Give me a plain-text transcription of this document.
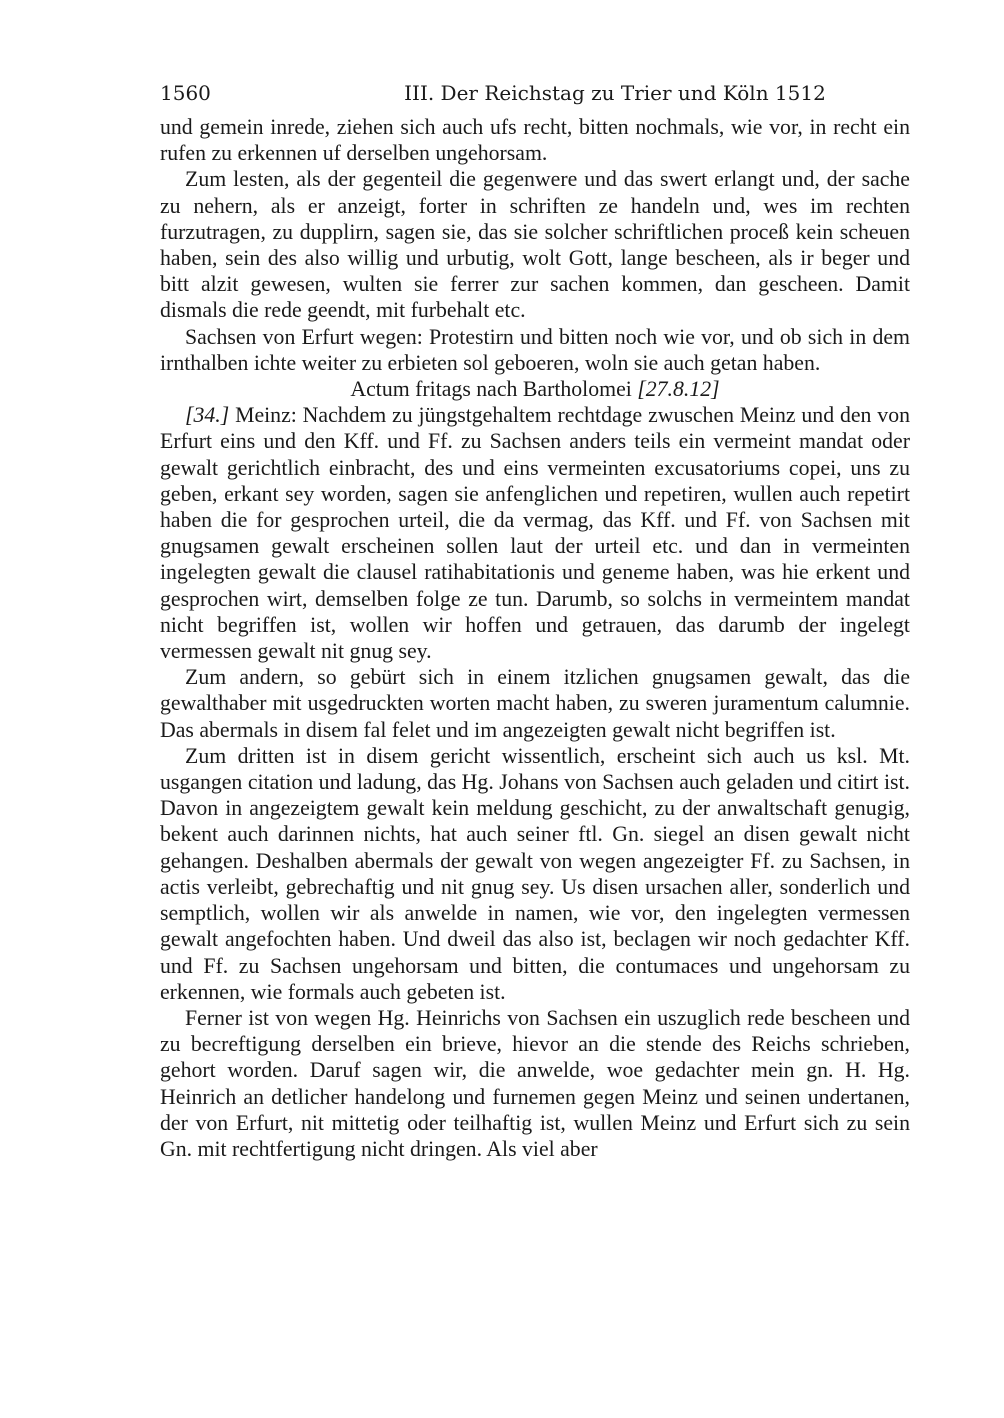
1560	III. Der Reichstag zu Trier und Köln 1512

und gemein inrede, ziehen sich auch ufs recht, bitten nochmals, wie vor, in recht ein rufen zu erkennen uf derselben ungehorsam.

Zum lesten, als der gegenteil die gegenwere und das swert erlangt und, der sache zu nehern, als er anzeigt, forter in schriften ze handeln und, wes im rechten furzutragen, zu dupplirn, sagen sie, das sie solcher schriftlichen proceß kein scheuen haben, sein des also willig und urbutig, wolt Gott, lange bescheen, als ir beger und bitt alzit gewesen, wulten sie ferrer zur sachen kommen, dan gescheen. Damit dismals die rede geendt, mit furbehalt etc.

Sachsen von Erfurt wegen: Protestirn und bitten noch wie vor, und ob sich in dem irnthalben ichte weiter zu erbieten sol geboeren, woln sie auch getan haben.

Actum fritags nach Bartholomei [27.8.12]

[34.] Meinz: Nachdem zu jüngstgehaltem rechtdage zwuschen Meinz und den von Erfurt eins und den Kff. und Ff. zu Sachsen anders teils ein vermeint mandat oder gewalt gerichtlich einbracht, des und eins vermeinten excusatoriums copei, uns zu geben, erkant sey worden, sagen sie anfenglichen und repetiren, wullen auch repetirt haben die for gesprochen urteil, die da vermag, das Kff. und Ff. von Sachsen mit gnugsamen gewalt erscheinen sollen laut der urteil etc. und dan in vermeinten ingelegten gewalt die clausel ratihabitationis und geneme haben, was hie erkent und gesprochen wirt, demselben folge ze tun. Darumb, so solchs in vermeintem mandat nicht begriffen ist, wollen wir hoffen und getrauen, das darumb der ingelegt vermessen gewalt nit gnug sey.

Zum andern, so gebürt sich in einem itzlichen gnugsamen gewalt, das die gewalthaber mit usgedruckten worten macht haben, zu sweren juramentum calumnie. Das abermals in disem fal felet und im angezeigten gewalt nicht begriffen ist.

Zum dritten ist in disem gericht wissentlich, erscheint sich auch us ksl. Mt. usgangen citation und ladung, das Hg. Johans von Sachsen auch geladen und citirt ist. Davon in angezeigtem gewalt kein meldung geschicht, zu der anwaltschaft genugig, bekent auch darinnen nichts, hat auch seiner ftl. Gn. siegel an disen gewalt nicht gehangen. Deshalben abermals der gewalt von wegen angezeigter Ff. zu Sachsen, in actis verleibt, gebrechaftig und nit gnug sey. Us disen ursachen aller, sonderlich und semptlich, wollen wir als anwelde in namen, wie vor, den ingelegten vermessen gewalt angefochten haben. Und dweil das also ist, beclagen wir noch gedachter Kff. und Ff. zu Sachsen ungehorsam und bitten, die contumaces und ungehorsam zu erkennen, wie formals auch gebeten ist.

Ferner ist von wegen Hg. Heinrichs von Sachsen ein uszuglich rede bescheen und zu becreftigung derselben ein brieve, hievor an die stende des Reichs schrieben, gehort worden. Daruf sagen wir, die anwelde, woe gedachter mein gn. H. Hg. Heinrich an detlicher handelong und furnemen gegen Meinz und seinen undertanen, der von Erfurt, nit mittetig oder teilhaftig ist, wullen Meinz und Erfurt sich zu sein Gn. mit rechtfertigung nicht dringen. Als viel aber
